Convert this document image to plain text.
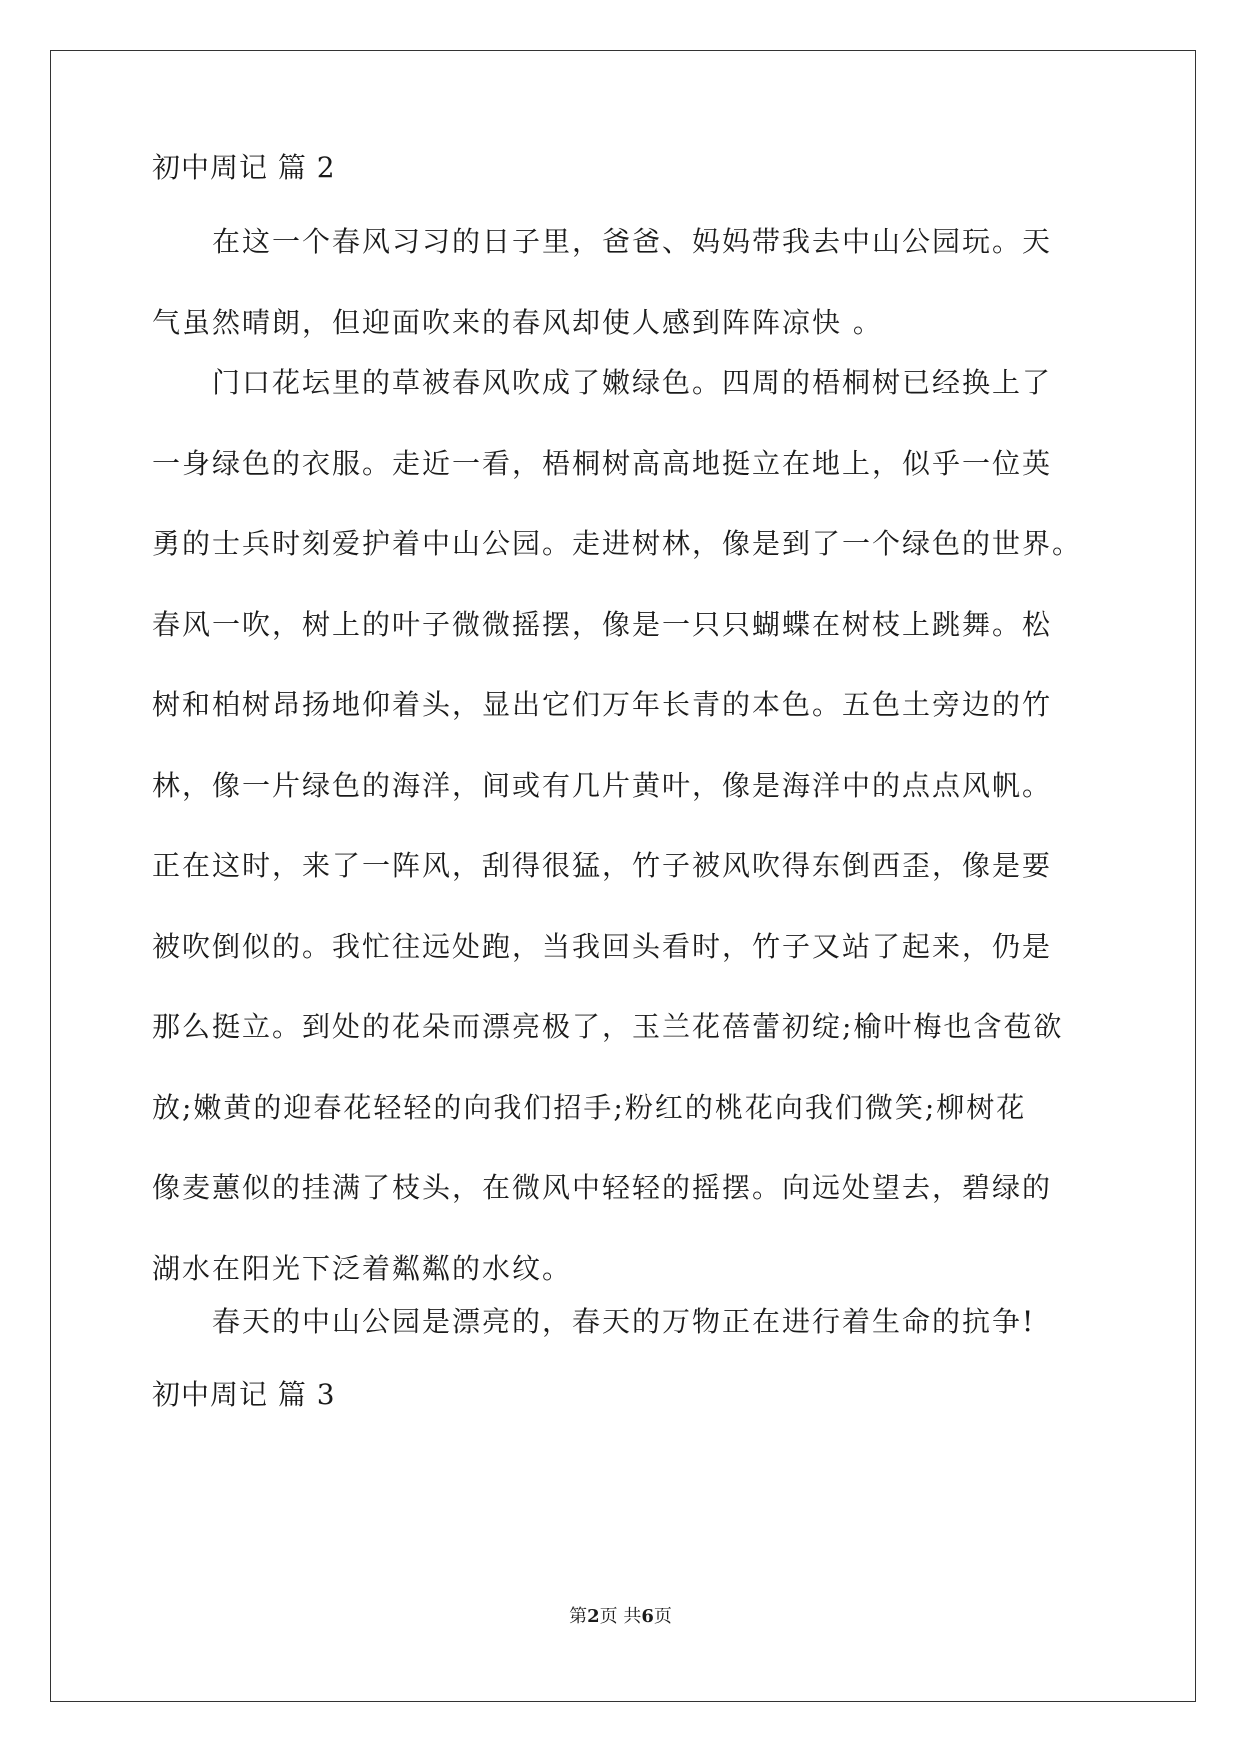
初中周记 篇 2
在这一个春风习习的日子里，爸爸、妈妈带我去中山公园玩。天
气虽然晴朗，但迎面吹来的春风却使人感到阵阵凉快 。
门口花坛里的草被春风吹成了嫩绿色。四周的梧桐树已经换上了
一身绿色的衣服。走近一看，梧桐树高高地挺立在地上，似乎一位英
勇的士兵时刻爱护着中山公园。走进树林，像是到了一个绿色的世界。
春风一吹，树上的叶子微微摇摆，像是一只只蝴蝶在树枝上跳舞。松
树和柏树昂扬地仰着头，显出它们万年长青的本色。五色土旁边的竹
林，像一片绿色的海洋，间或有几片黄叶，像是海洋中的点点风帆。
正在这时，来了一阵风，刮得很猛，竹子被风吹得东倒西歪，像是要
被吹倒似的。我忙往远处跑，当我回头看时，竹子又站了起来，仍是
那么挺立。到处的花朵而漂亮极了，玉兰花蓓蕾初绽;榆叶梅也含苞欲
放;嫩黄的迎春花轻轻的向我们招手;粉红的桃花向我们微笑;柳树花
像麦蕙似的挂满了枝头，在微风中轻轻的摇摆。向远处望去，碧绿的
湖水在阳光下泛着粼粼的水纹。
春天的中山公园是漂亮的，春天的万物正在进行着生命的抗争!
初中周记 篇 3
第2页 共6页
